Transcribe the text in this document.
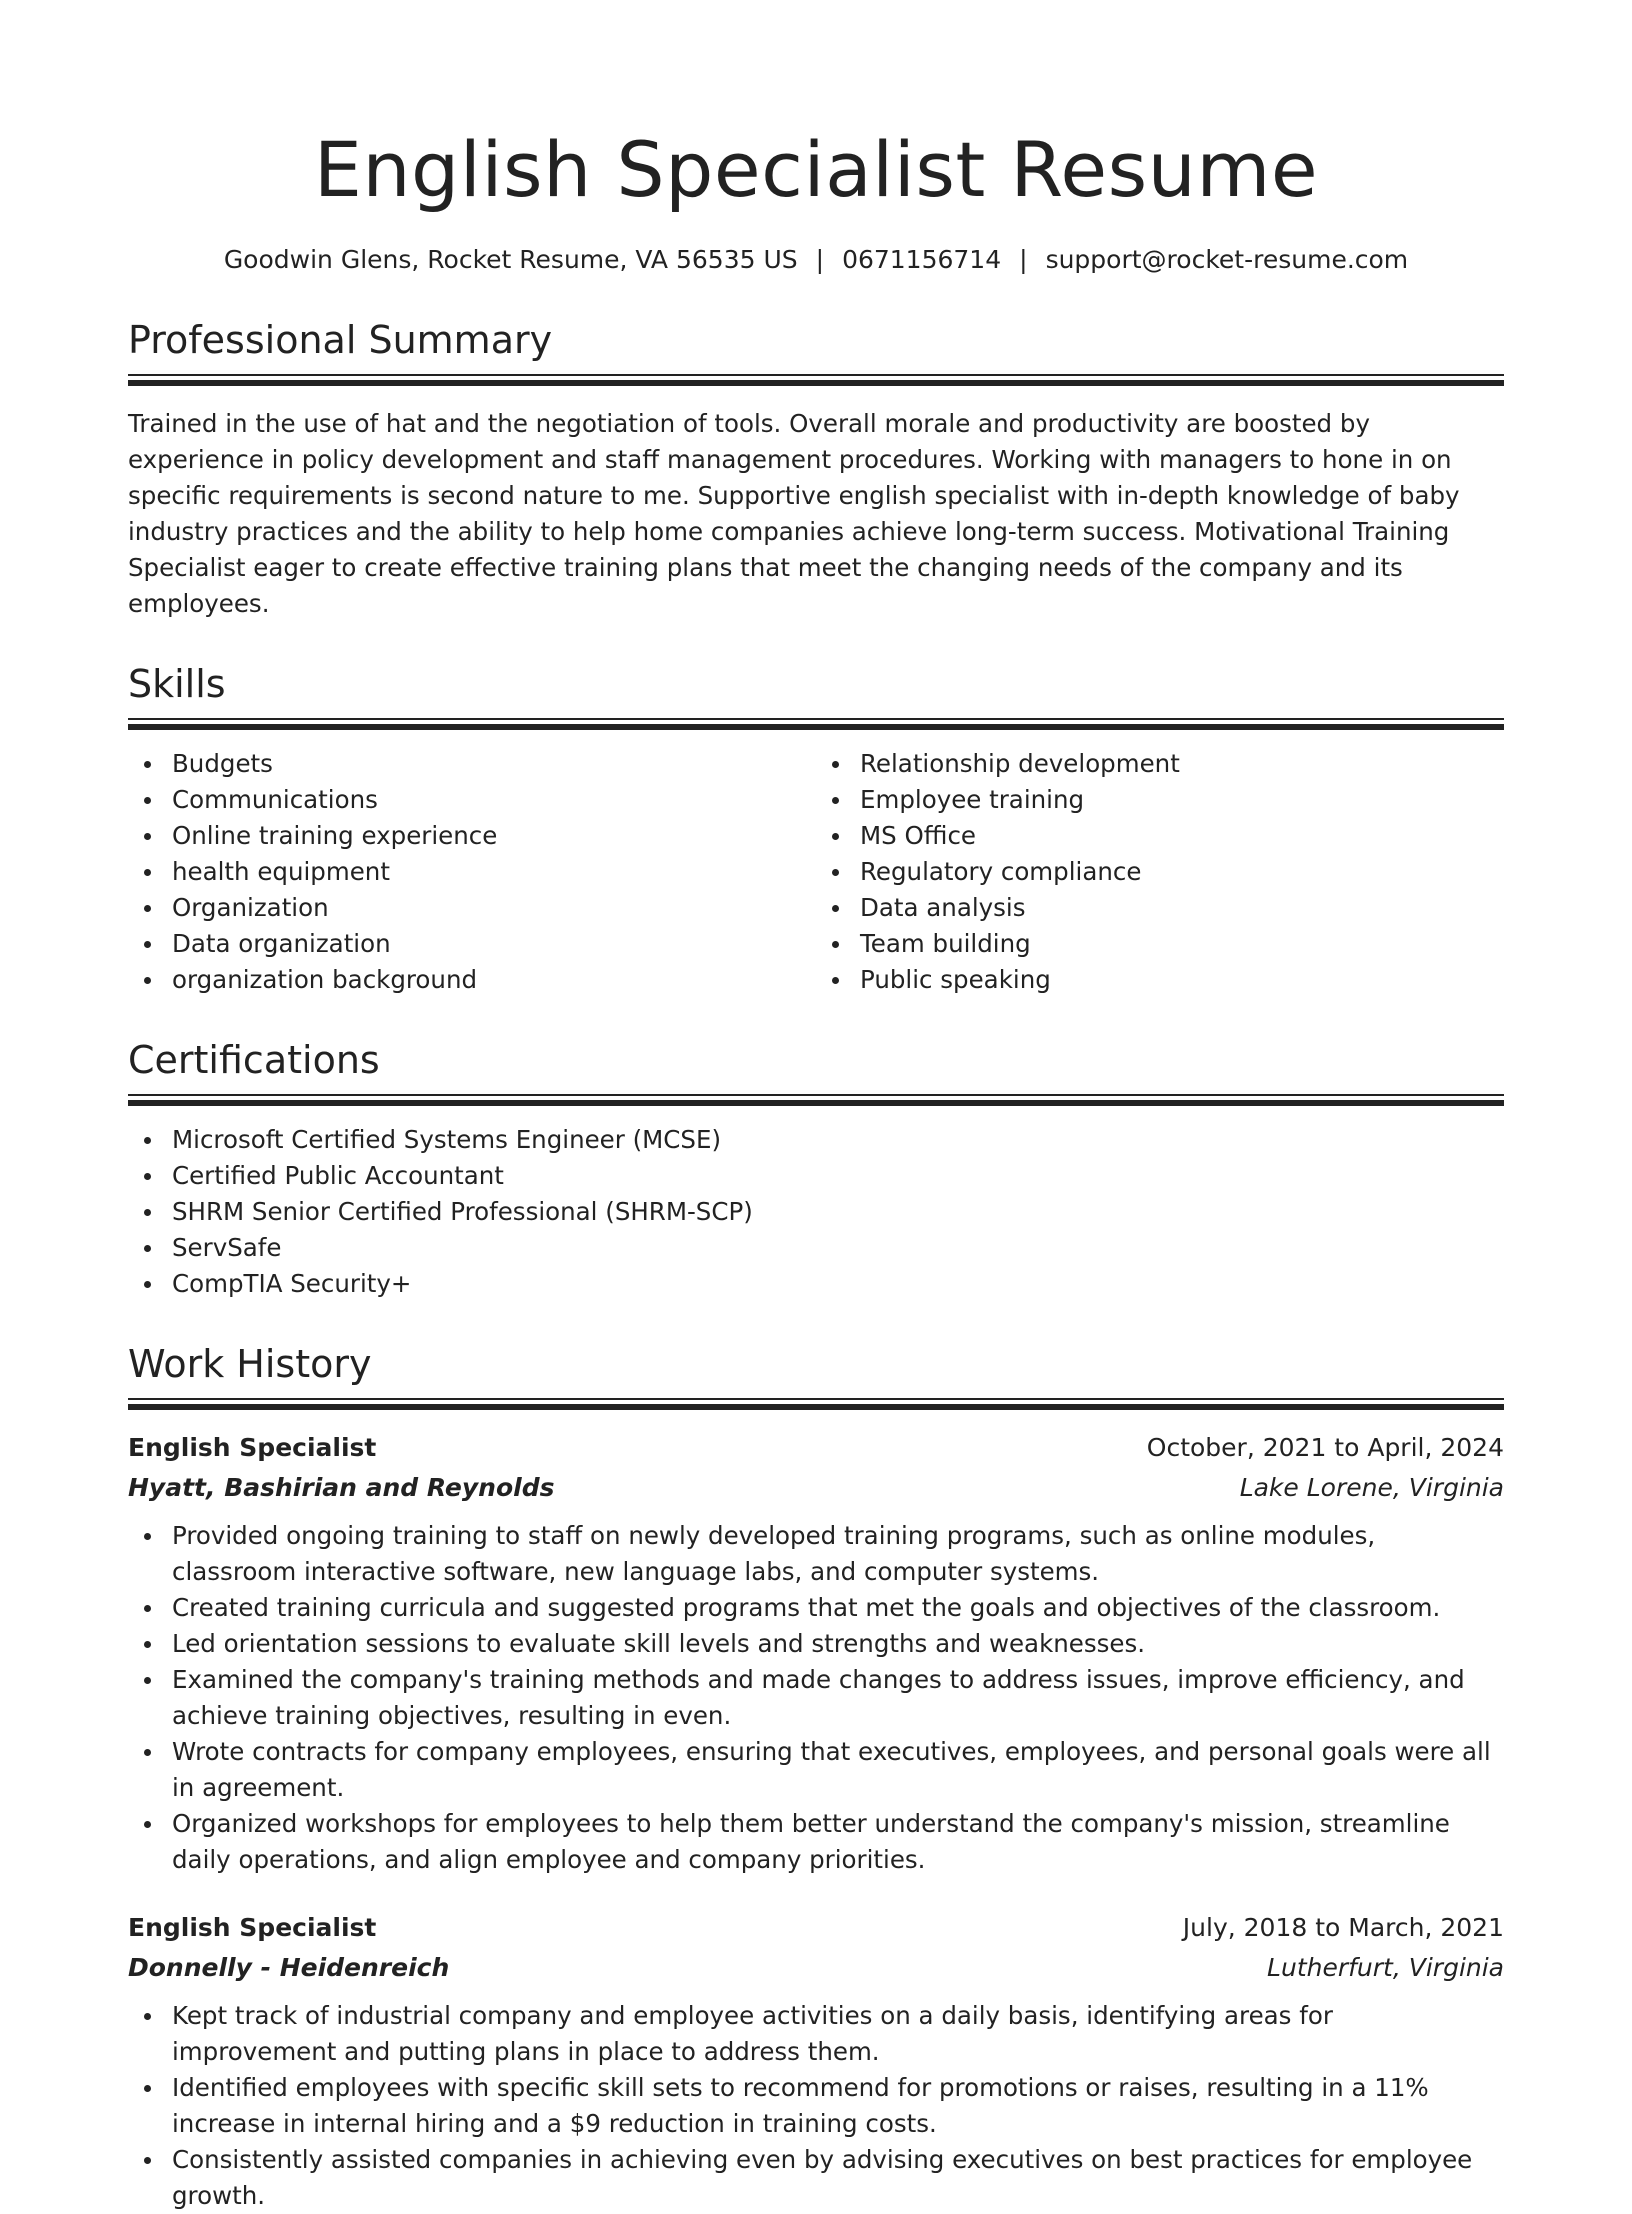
English Specialist Resume
Goodwin Glens, Rocket Resume, VA 56535 US | 0671156714 | support@rocket-resume.com
Professional Summary

Trained in the use of hat and the negotiation of tools. Overall morale and productivity are boosted by experience in policy development and staff management procedures. Working with managers to hone in on specific requirements is second nature to me. Supportive english specialist with in-depth knowledge of baby industry practices and the ability to help home companies achieve long-term success. Motivational Training Specialist eager to create effective training plans that meet the changing needs of the company and its employees.

Skills
Budgets
Communications
Online training experience
health equipment
Organization
Data organization
organization background
Relationship development
Employee training
MS Office
Regulatory compliance
Data analysis
Team building
Public speaking
Certifications
Microsoft Certified Systems Engineer (MCSE)
Certified Public Accountant
SHRM Senior Certified Professional (SHRM-SCP)
ServSafe
CompTIA Security+
Work History
English Specialist	October, 2021 to April, 2024
Hyatt, Bashirian and Reynolds	Lake Lorene, Virginia
Provided ongoing training to staff on newly developed training programs, such as online modules, classroom interactive software, new language labs, and computer systems.
Created training curricula and suggested programs that met the goals and objectives of the classroom.
Led orientation sessions to evaluate skill levels and strengths and weaknesses.
Examined the company's training methods and made changes to address issues, improve efficiency, and achieve training objectives, resulting in even.
Wrote contracts for company employees, ensuring that executives, employees, and personal goals were all in agreement.
Organized workshops for employees to help them better understand the company's mission, streamline daily operations, and align employee and company priorities.
English Specialist	July, 2018 to March, 2021
Donnelly - Heidenreich	Lutherfurt, Virginia
Kept track of industrial company and employee activities on a daily basis, identifying areas for improvement and putting plans in place to address them.
Identified employees with specific skill sets to recommend for promotions or raises, resulting in a 11% increase in internal hiring and a $9 reduction in training costs.
Consistently assisted companies in achieving even by advising executives on best practices for employee growth.
